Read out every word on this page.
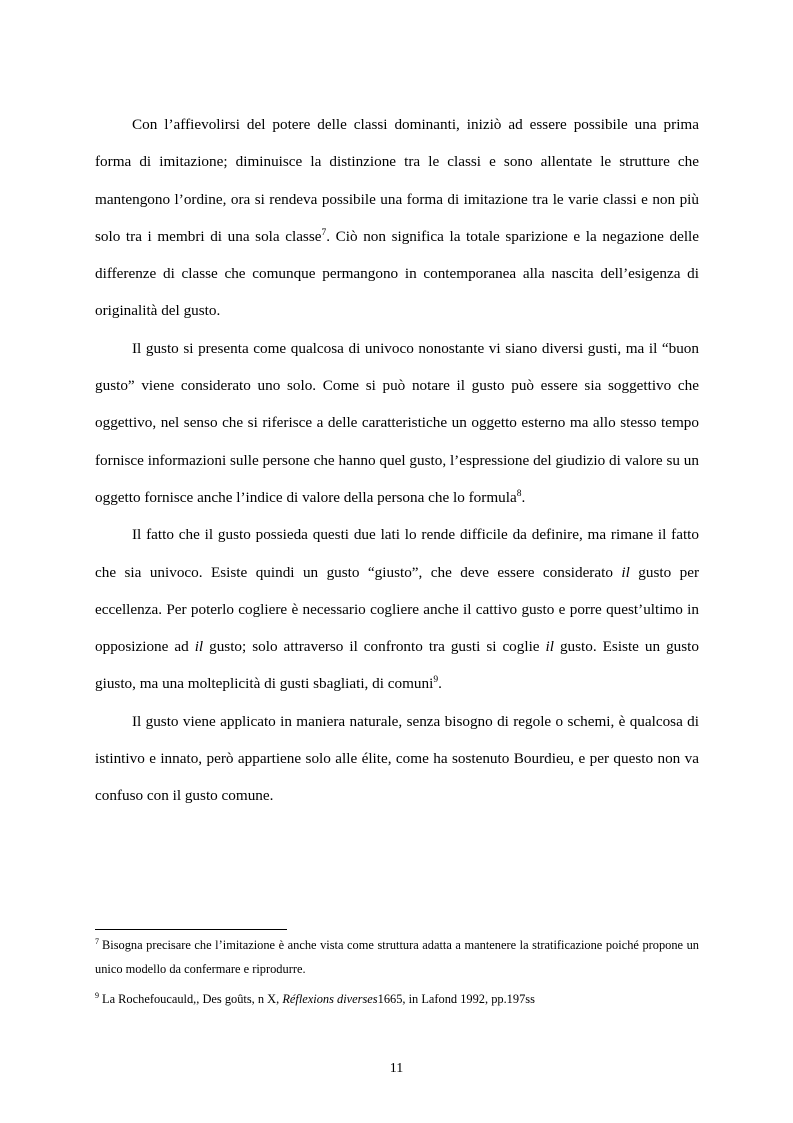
Con l’affievolirsi del potere delle classi dominanti, iniziò ad essere possibile una prima forma di imitazione; diminuisce la distinzione tra le classi e sono allentate le strutture che mantengono l’ordine, ora si rendeva possibile una forma di imitazione tra le varie classi e non più solo tra i membri di una sola classe$^7$. Ciò non significa la totale sparizione e la negazione delle differenze di classe che comunque permangono in contemporanea alla nascita dell’esigenza di originalità del gusto.

Il gusto si presenta come qualcosa di univoco nonostante vi siano diversi gusti, ma il “buon gusto” viene considerato uno solo. Come si può notare il gusto può essere sia soggettivo che oggettivo, nel senso che si riferisce a delle caratteristiche un oggetto esterno ma allo stesso tempo fornisce informazioni sulle persone che hanno quel gusto, l’espressione del giudizio di valore su un oggetto fornisce anche l’indice di valore della persona che lo formula$^8$.

Il fatto che il gusto possieda questi due lati lo rende difficile da definire, ma rimane il fatto che sia univoco. Esiste quindi un gusto “giusto”, che deve essere considerato il gusto per eccellenza. Per poterlo cogliere è necessario cogliere anche il cattivo gusto e porre quest’ultimo in opposizione ad il gusto; solo attraverso il confronto tra gusti si coglie il gusto. Esiste un gusto giusto, ma una molteplicità di gusti sbagliati, di comuni$^9$.

Il gusto viene applicato in maniera naturale, senza bisogno di regole o schemi, è qualcosa di istintivo e innato, però appartiene solo alle élite, come ha sostenuto Bourdieu, e per questo non va confuso con il gusto comune.

$^7$ Bisogna precisare che l’imitazione è anche vista come struttura adatta a mantenere la stratificazione poiché propone un unico modello da confermare e riprodurre.

$^9$ La Rochefoucauld,, Des goûts, n X, Réflexions diverses1665, in Lafond 1992, pp.197ss

11
